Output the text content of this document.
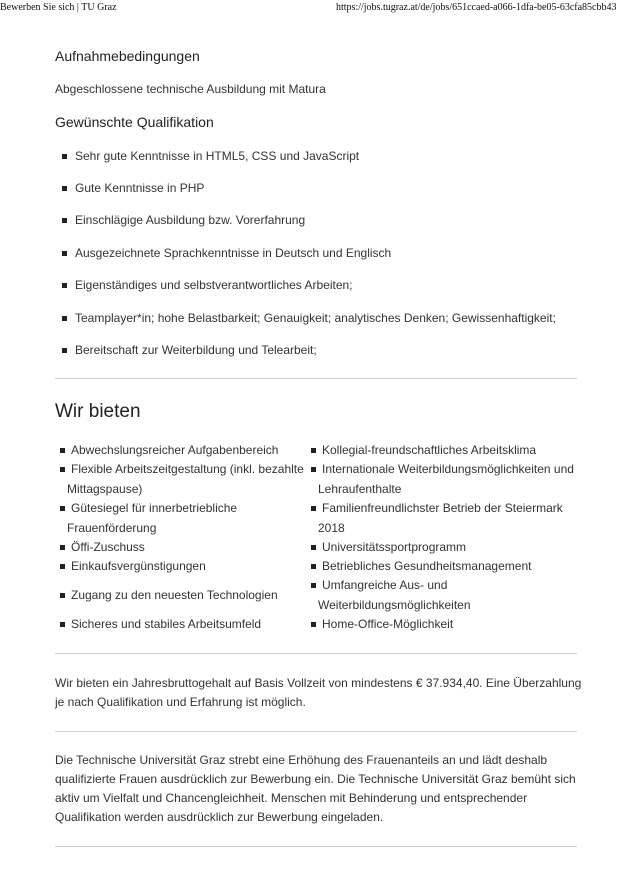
Bewerben Sie sich | TU Graz	https://jobs.tugraz.at/de/jobs/651ccaed-a066-1dfa-be05-63cfa85cbb43
Aufnahmebedingungen

Abgeschlossene technische Ausbildung mit Matura

Gewünschte Qualifikation
Sehr gute Kenntnisse in HTML5, CSS und JavaScript
Gute Kenntnisse in PHP
Einschlägige Ausbildung bzw. Vorerfahrung
Ausgezeichnete Sprachkenntnisse in Deutsch und Englisch
Eigenständiges und selbstverantwortliches Arbeiten;
Teamplayer*in; hohe Belastbarkeit; Genauigkeit; analytisches Denken; Gewissenhaftigkeit;
Bereitschaft zur Weiterbildung und Telearbeit;
Wir bieten
Abwechslungsreicher Aufgabenbereich
Flexible Arbeitszeitgestaltung (inkl. bezahlte
Mittagspause)
Gütesiegel für innerbetriebliche
Frauenförderung
Öffi-Zuschuss
Einkaufsvergünstigungen
Zugang zu den neuesten Technologien
Sicheres und stabiles Arbeitsumfeld
Kollegial-freundschaftliches Arbeitsklima
Internationale Weiterbildungsmöglichkeiten und
Lehraufenthalte
Familienfreundlichster Betrieb der Steiermark
2018
Universitätssportprogramm
Betriebliches Gesundheitsmanagement
Umfangreiche Aus- und
Weiterbildungsmöglichkeiten
Home-Office-Möglichkeit

Wir bieten ein Jahresbruttogehalt auf Basis Vollzeit von mindestens € 37.934,40. Eine Überzahlung
je nach Qualifikation und Erfahrung ist möglich.

Die Technische Universität Graz strebt eine Erhöhung des Frauenanteils an und lädt deshalb
qualifizierte Frauen ausdrücklich zur Bewerbung ein. Die Technische Universität Graz bemüht sich
aktiv um Vielfalt und Chancengleichheit. Menschen mit Behinderung und entsprechender
Qualifikation werden ausdrücklich zur Bewerbung eingeladen.
